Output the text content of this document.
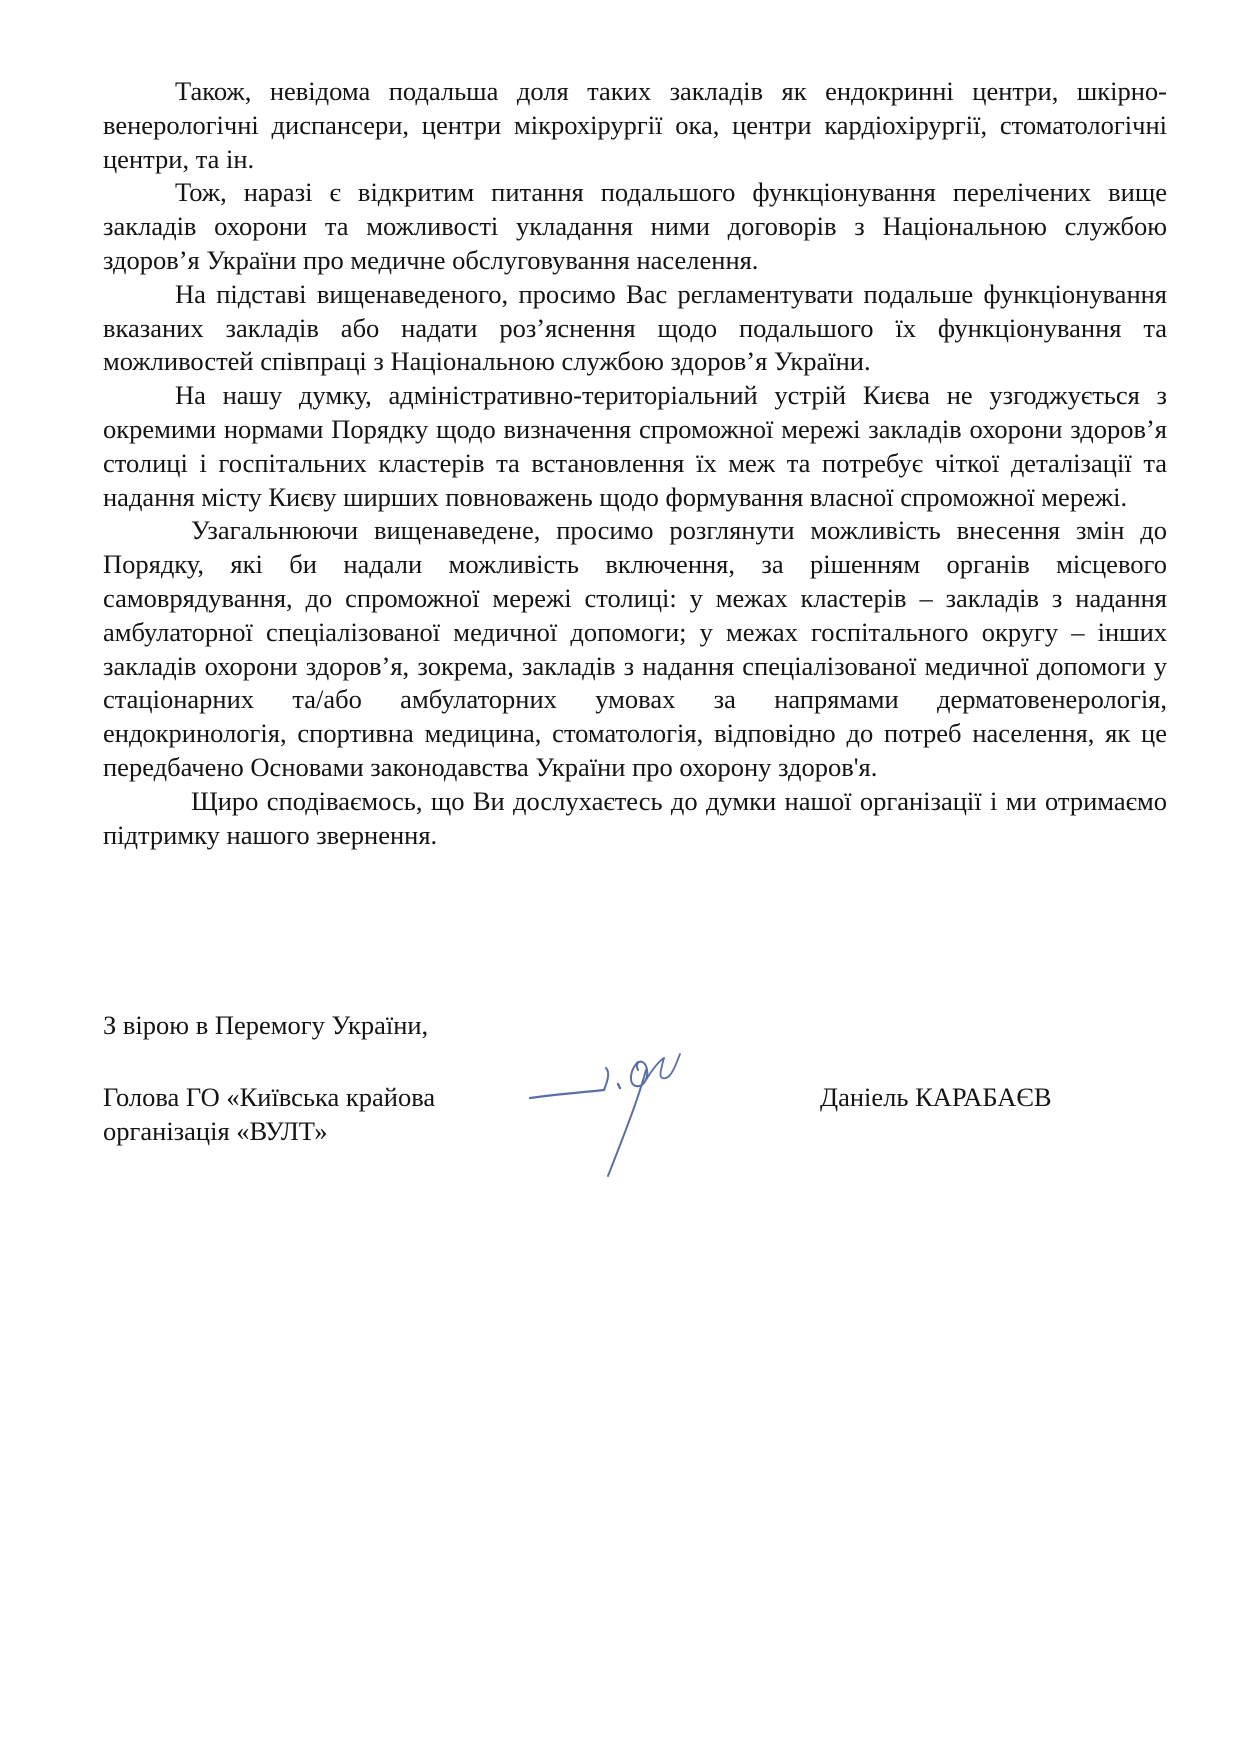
Також, невідома подальша доля таких закладів як ендокринні центри, шкірно-венерологічні диспансери, центри мікрохірургії ока, центри кардіохірургії, стоматологічні центри, та ін.

Тож, наразі є відкритим питання подальшого функціонування перелічених вище закладів охорони та можливості укладання ними договорів з Національною службою здоров’я України про медичне обслуговування населення.

На підставі вищенаведеного, просимо Вас регламентувати подальше функціонування вказаних закладів або надати роз’яснення щодо подальшого їх функціонування та можливостей співпраці з Національною службою здоров’я України.

На нашу думку, адміністративно-територіальний устрій Києва не узгоджується з окремими нормами Порядку щодо визначення спроможної мережі закладів охорони здоров’я столиці і госпітальних кластерів та встановлення їх меж та потребує чіткої деталізації та надання місту Києву ширших повноважень щодо формування власної спроможної мережі.

Узагальнюючи вищенаведене, просимо розглянути можливість внесення змін до Порядку, які би надали можливість включення, за рішенням органів місцевого самоврядування, до спроможної мережі столиці: у межах кластерів – закладів з надання амбулаторної спеціалізованої медичної допомоги; у межах госпітального округу – інших закладів охорони здоров’я, зокрема, закладів з надання спеціалізованої медичної допомоги у стаціонарних та/або амбулаторних умовах за напрямами дерматовенерологія, ендокринологія, спортивна медицина, стоматологія, відповідно до потреб населення, як це передбачено Основами законодавства України про охорону здоров'я.

Щиро сподіваємось, що Ви дослухаєтесь до думки нашої організації і ми отримаємо підтримку нашого звернення.

З вірою в Перемогу України,

Голова ГО «Київська крайова
організація «ВУЛТ»

Даніель КАРАБАЄВ
